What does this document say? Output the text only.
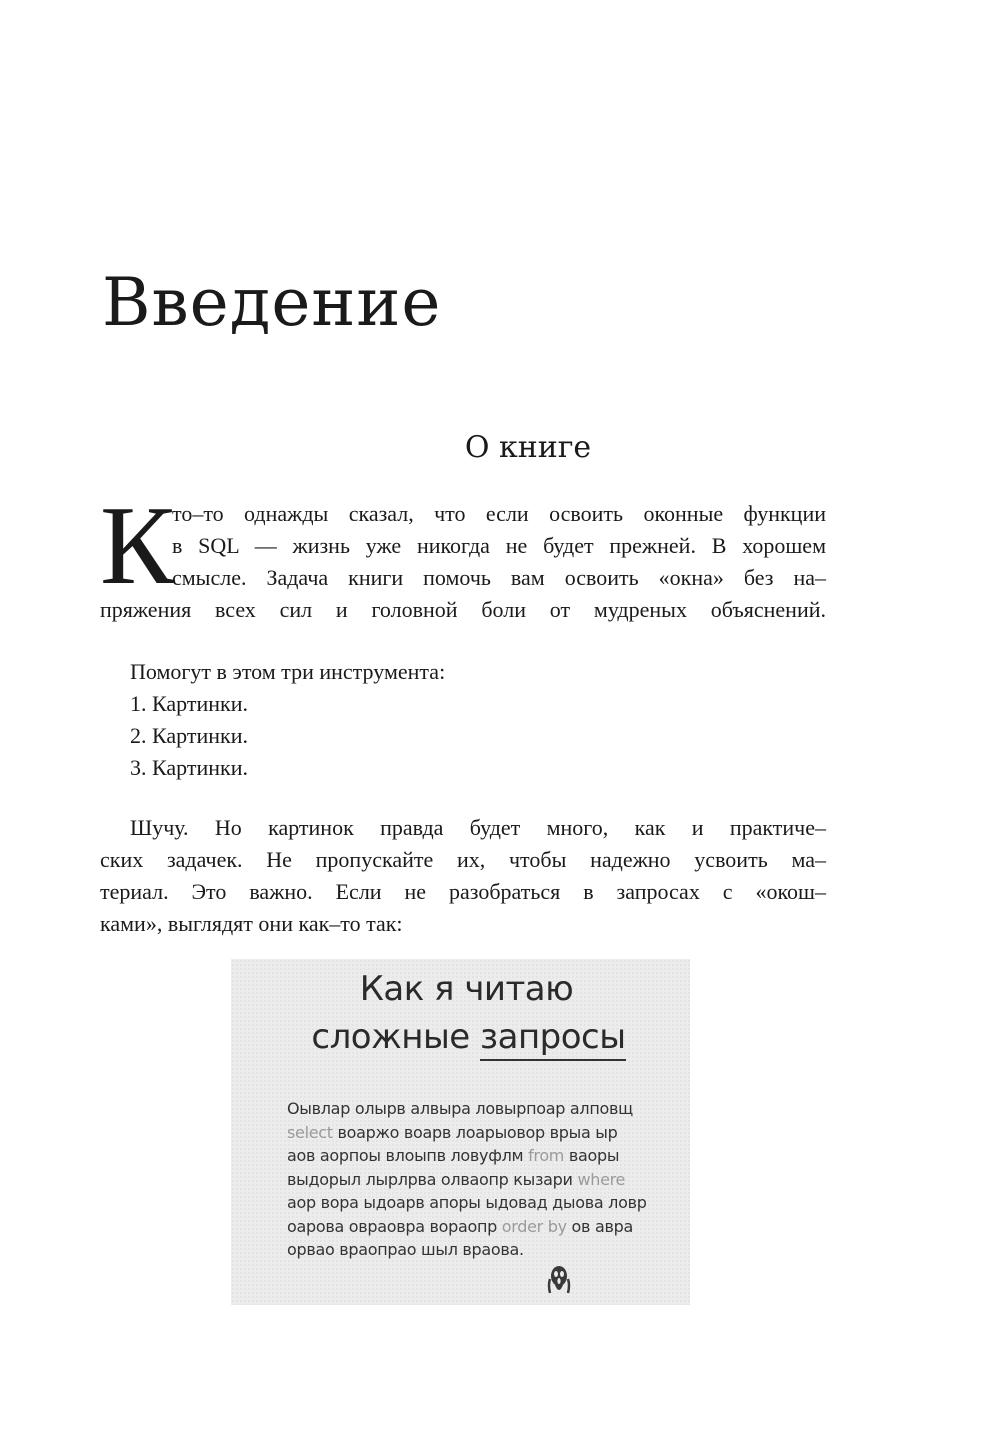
Введение
О книге
К
то–то однажды сказал, что если освоить оконные функции
в SQL — жизнь уже никогда не будет прежней. В хорошем
смысле. Задача книги помочь вам освоить «окна» без на–
пряжения всех сил и головной боли от мудреных объяснений.
Помогут в этом три инструмента:
1. Картинки.
2. Картинки.
3. Картинки.
Шучу. Но картинок правда будет много, как и практиче–
ских задачек. Не пропускайте их, чтобы надежно усвоить ма–
териал. Это важно. Если не разобраться в запросах с «окош–
ками», выглядят они как–то так:
Как я читаю
сложные запросы
Оывлар олырв алвыра ловырпоар алповщ
select воаржо воарв лоарыовор врыа ыр
аов аорпоы влоыпв ловуфлм from ваоры
выдорыл лырлрва олваопр кызари where
аор вора ыдоарв апоры ыдовад дыова ловр
оарова овраовра вораопр order by ов авра
орвао враопрао шыл враова.
